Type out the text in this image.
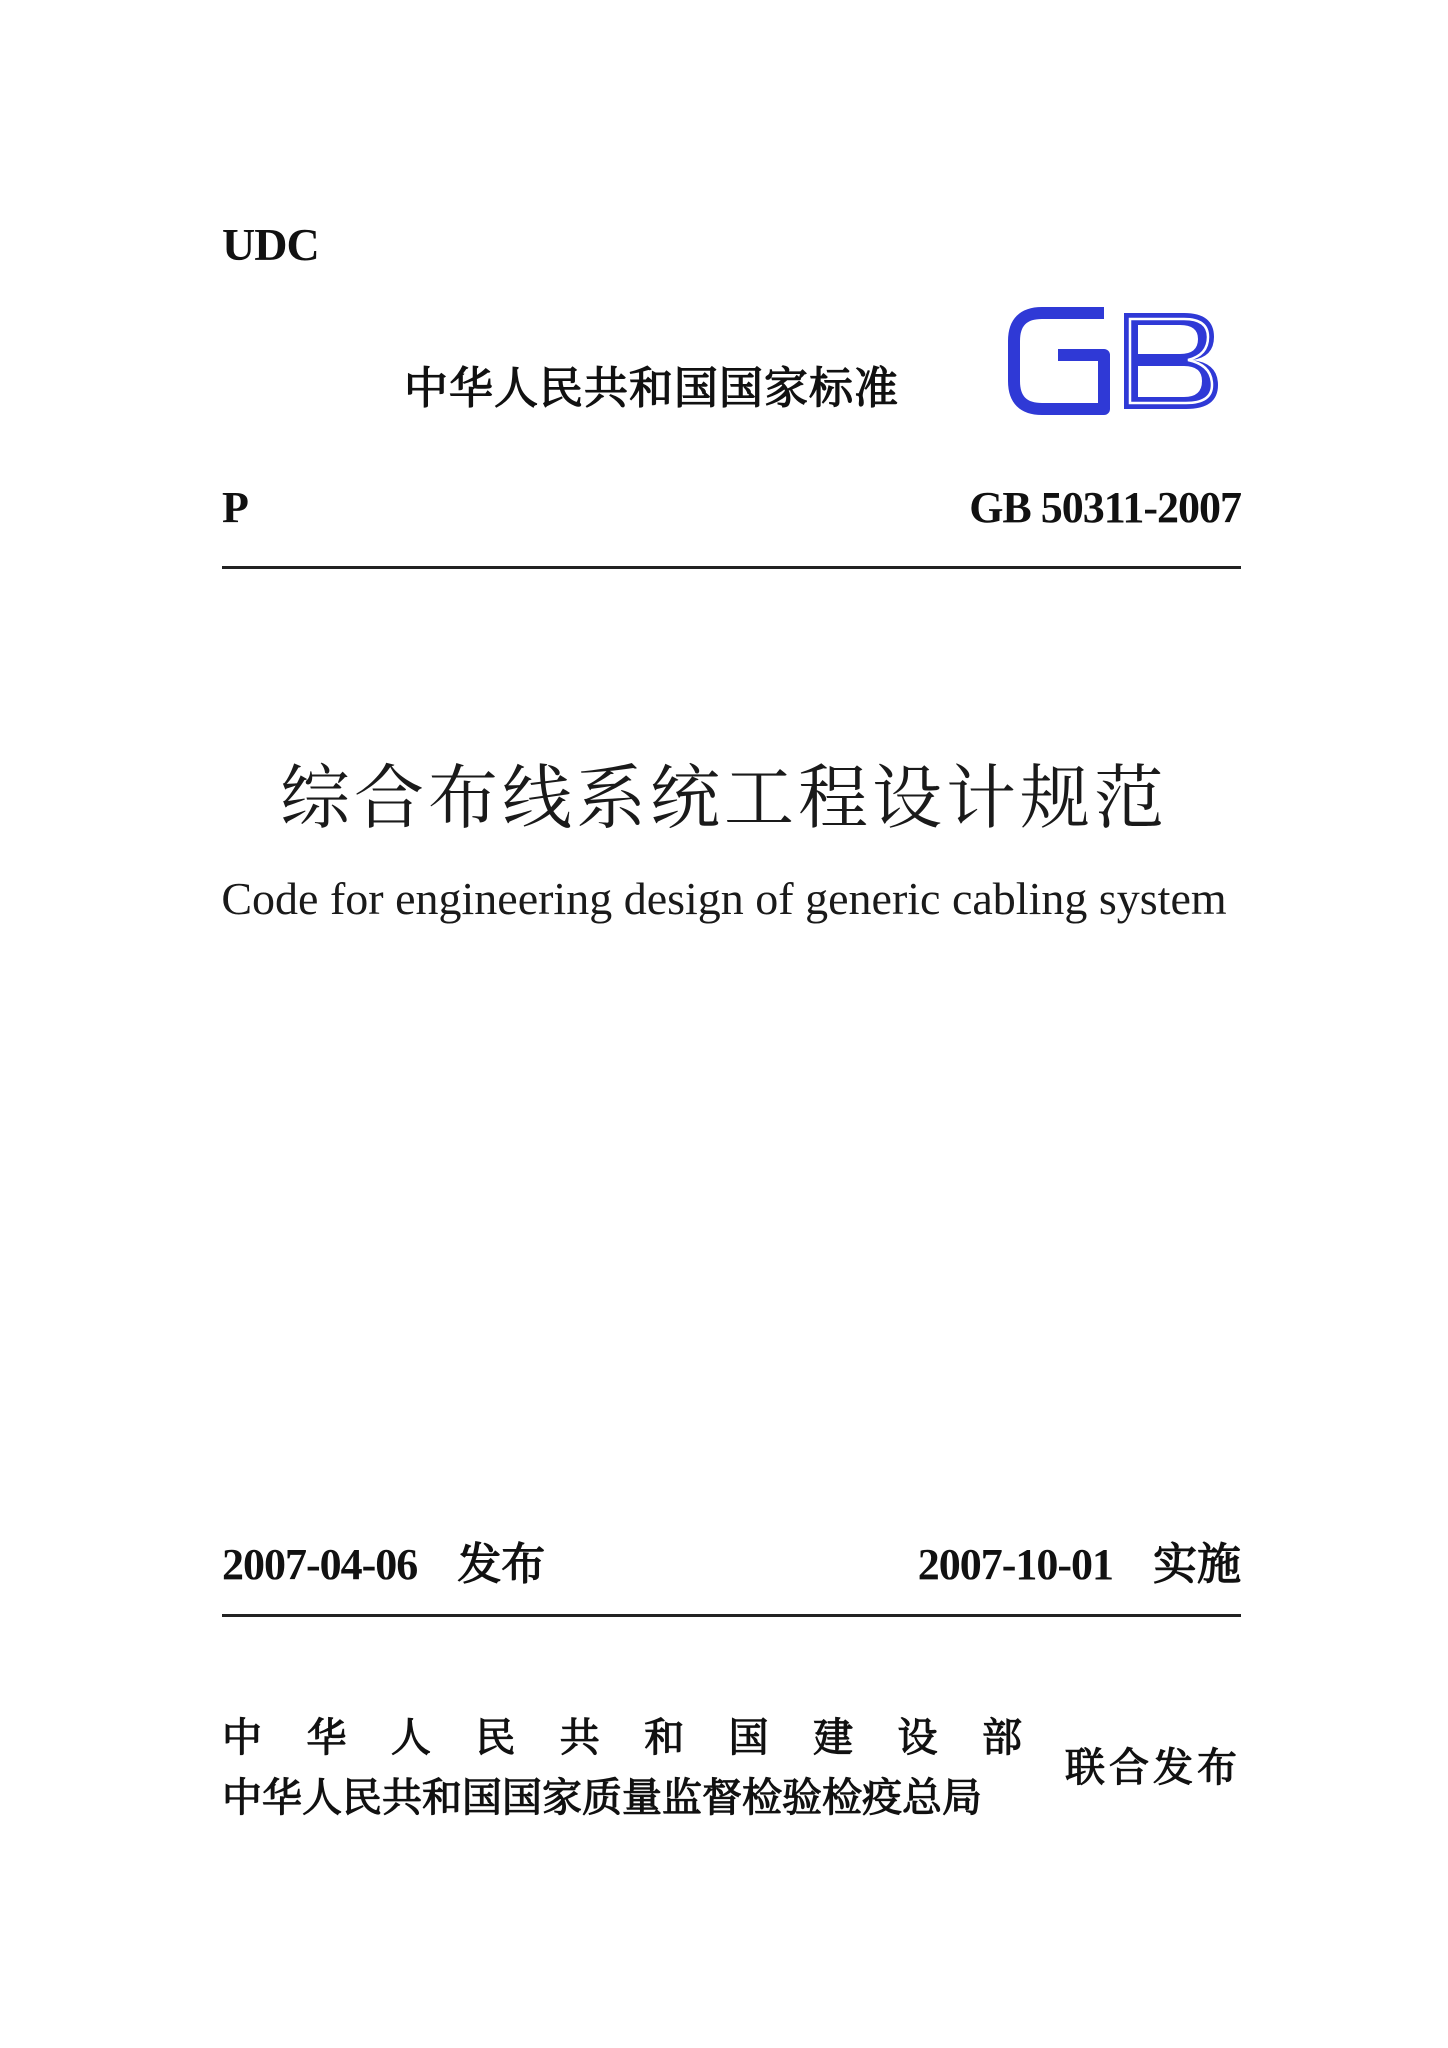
UDC
中华人民共和国国家标准
P	GB 50311-2007
综合布线系统工程设计规范
Code for engineering design of generic cabling system
2007-04-06 发布	2007-10-01 实施
中 华 人 民 共 和 国 建 设 部
中华人民共和国国家质量监督检验检疫总局
联合发布
